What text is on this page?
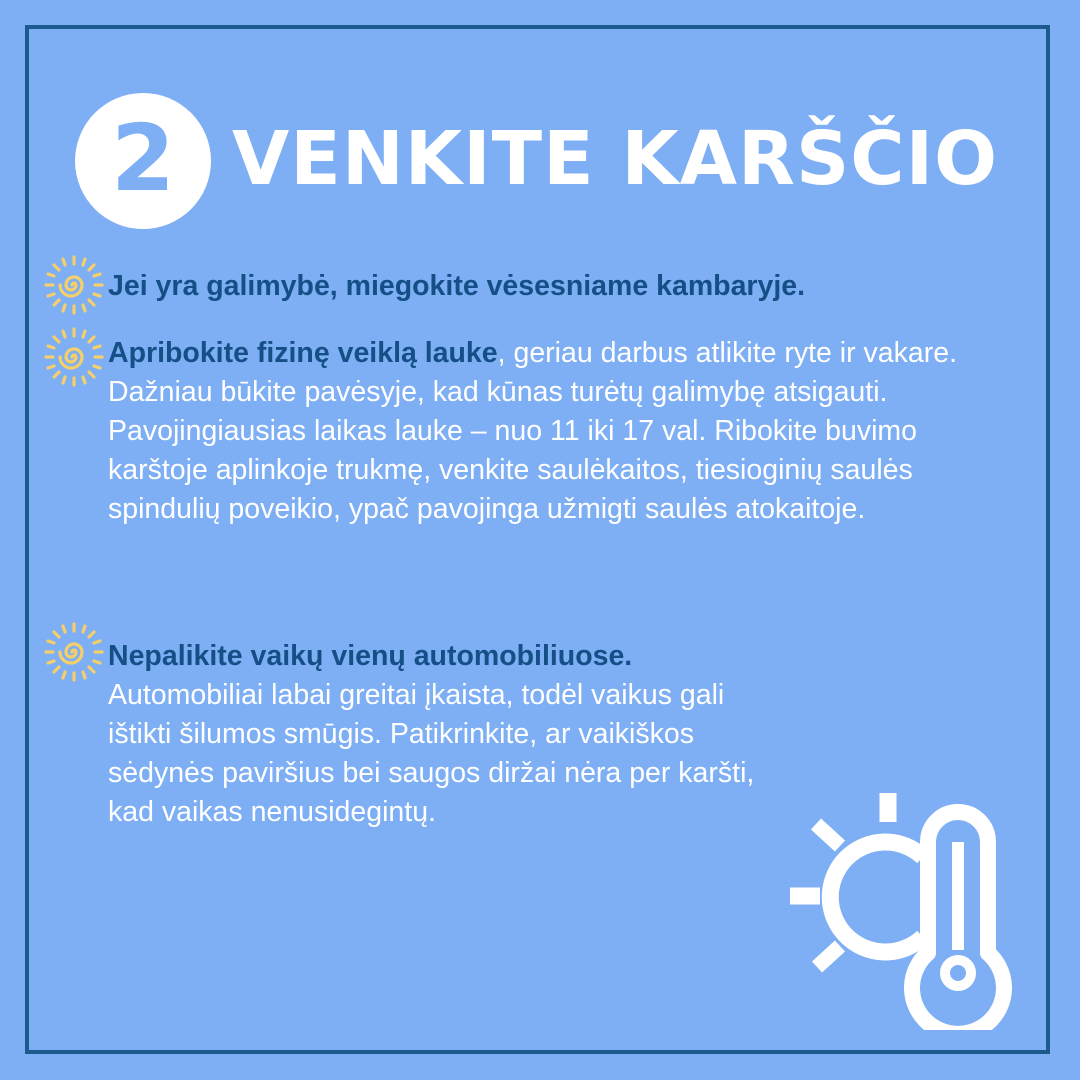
2 VENKITE KARŠČIO
Jei yra galimybė, miegokite vėsesniame kambaryje.
Apribokite fizinę veiklą lauke, geriau darbus atlikite ryte ir vakare. Dažniau būkite pavėsyje, kad kūnas turėtų galimybę atsigauti. Pavojingiausias laikas lauke – nuo 11 iki 17 val. Ribokite buvimo karštoje aplinkoje trukmę, venkite saulėkaitos, tiesioginių saulės spindulių poveikio, ypač pavojinga užmigti saulės atokaitoje.
Nepalikite vaikų vienų automobiliuose. Automobiliai labai greitai įkaista, todėl vaikus gali ištikti šilumos smūgis. Patikrinkite, ar vaikiškos sėdynės paviršius bei saugos diržai nėra per karšti, kad vaikas nenusidegintų.
